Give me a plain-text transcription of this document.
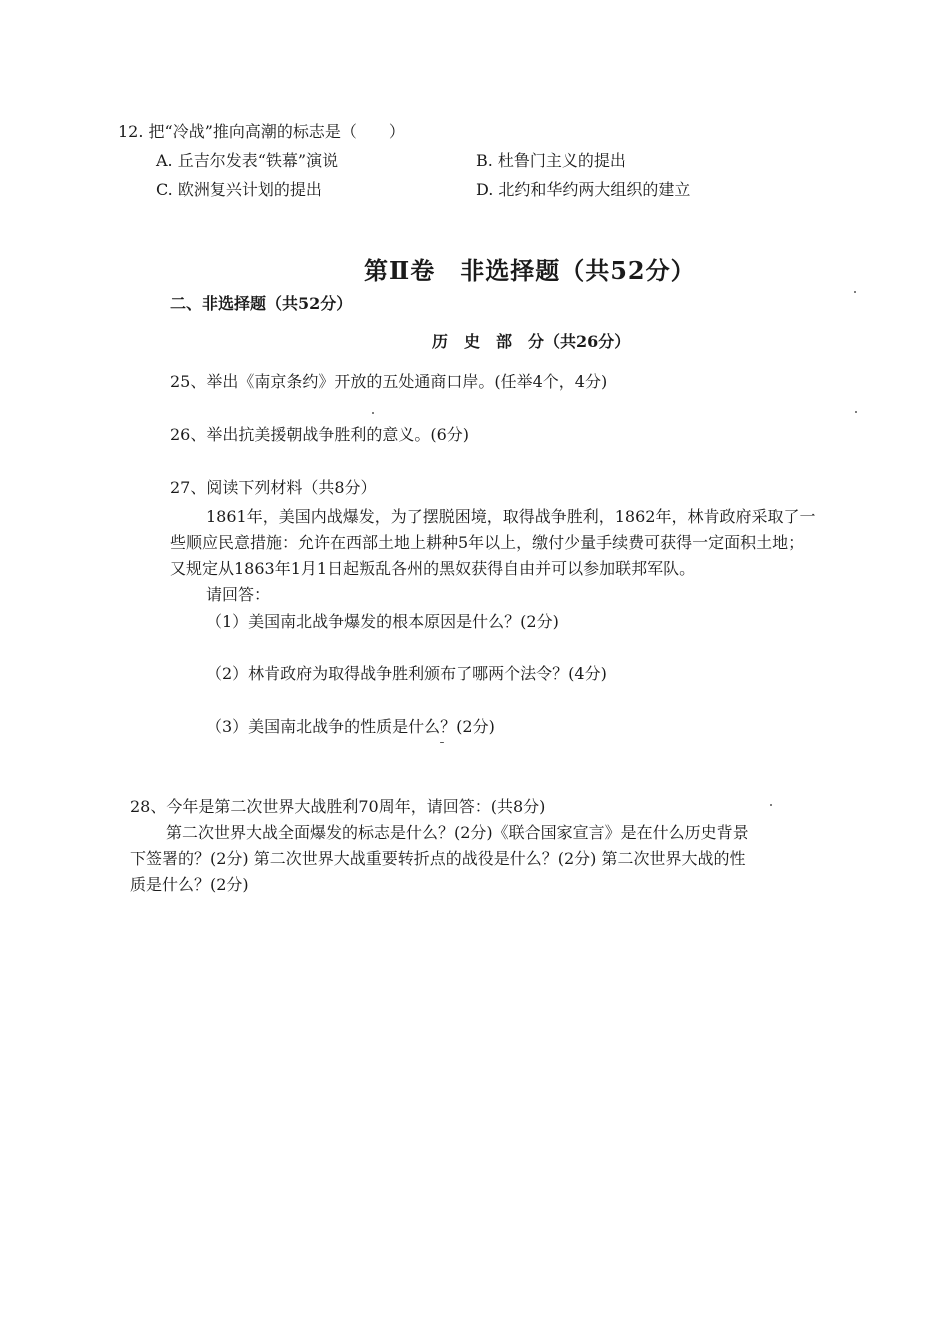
12. 把“冷战”推向高潮的标志是（　　）
A. 丘吉尔发表“铁幕”演说	B. 杜鲁门主义的提出
C. 欧洲复兴计划的提出	D. 北约和华约两大组织的建立
第Ⅱ卷　非选择题（共52分）
二、非选择题（共52分）
历　史　部　分（共26分）
25、举出《南京条约》开放的五处通商口岸。(任举4个，4分)
26、举出抗美援朝战争胜利的意义。(6分)
27、阅读下列材料（共8分）
1861年，美国内战爆发，为了摆脱困境，取得战争胜利，1862年，林肯政府采取了一
些顺应民意措施：允许在西部土地上耕种5年以上，缴付少量手续费可获得一定面积土地；
又规定从1863年1月1日起叛乱各州的黑奴获得自由并可以参加联邦军队。
请回答：
（1）美国南北战争爆发的根本原因是什么？(2分)
（2）林肯政府为取得战争胜利颁布了哪两个法令？(4分)
（3）美国南北战争的性质是什么？(2分)
28、今年是第二次世界大战胜利70周年，请回答：(共8分)
第二次世界大战全面爆发的标志是什么？(2分)《联合国家宣言》是在什么历史背景
下签署的？(2分) 第二次世界大战重要转折点的战役是什么？(2分) 第二次世界大战的性
质是什么？(2分)
